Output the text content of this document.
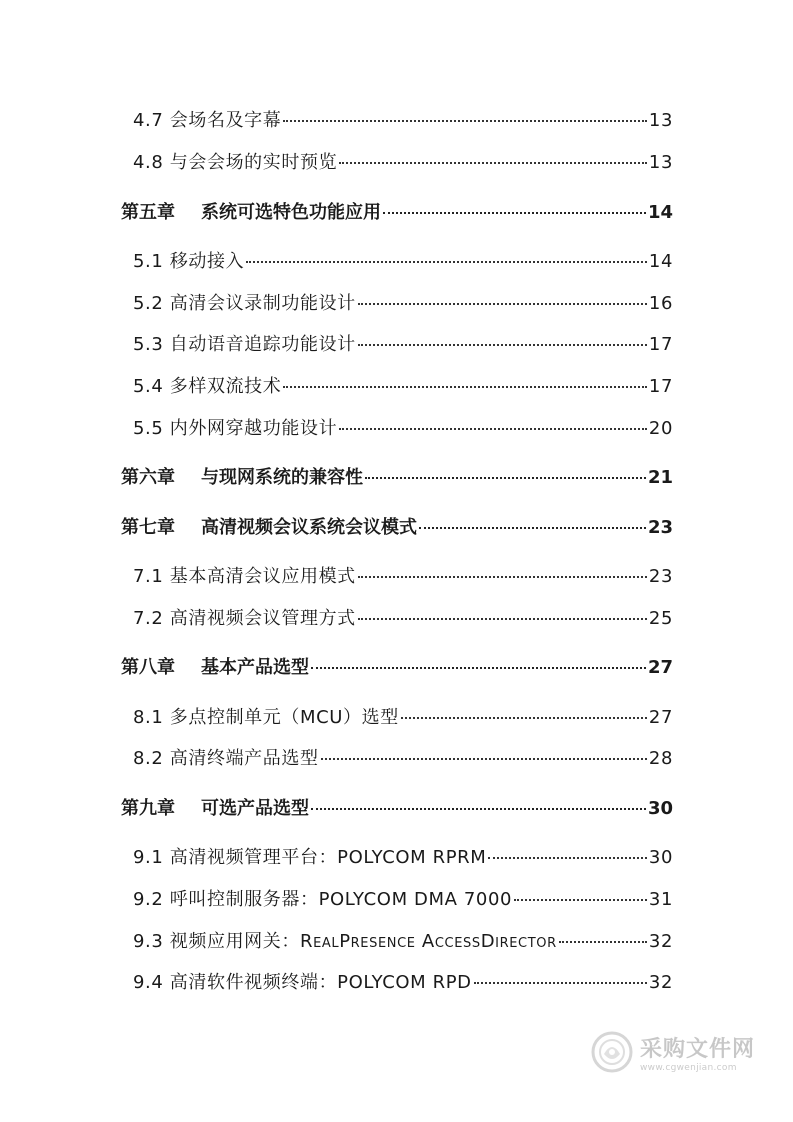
4.7 会场名及字幕	13
4.8 与会会场的实时预览	13
第五章 系统可选特色功能应用	14
5.1 移动接入	14
5.2 高清会议录制功能设计	16
5.3 自动语音追踪功能设计	17
5.4 多样双流技术	17
5.5 内外网穿越功能设计	20
第六章 与现网系统的兼容性	21
第七章 高清视频会议系统会议模式	23
7.1 基本高清会议应用模式	23
7.2 高清视频会议管理方式	25
第八章 基本产品选型	27
8.1 多点控制单元（MCU）选型	27
8.2 高清终端产品选型	28
第九章 可选产品选型	30
9.1 高清视频管理平台：POLYCOM RPRM	30
9.2 呼叫控制服务器：POLYCOM DMA 7000	31
9.3 视频应用网关：RealPresence AccessDirector	32
9.4 高清软件视频终端：POLYCOM RPD	32
采购文件网
www.cgwenjian.com
